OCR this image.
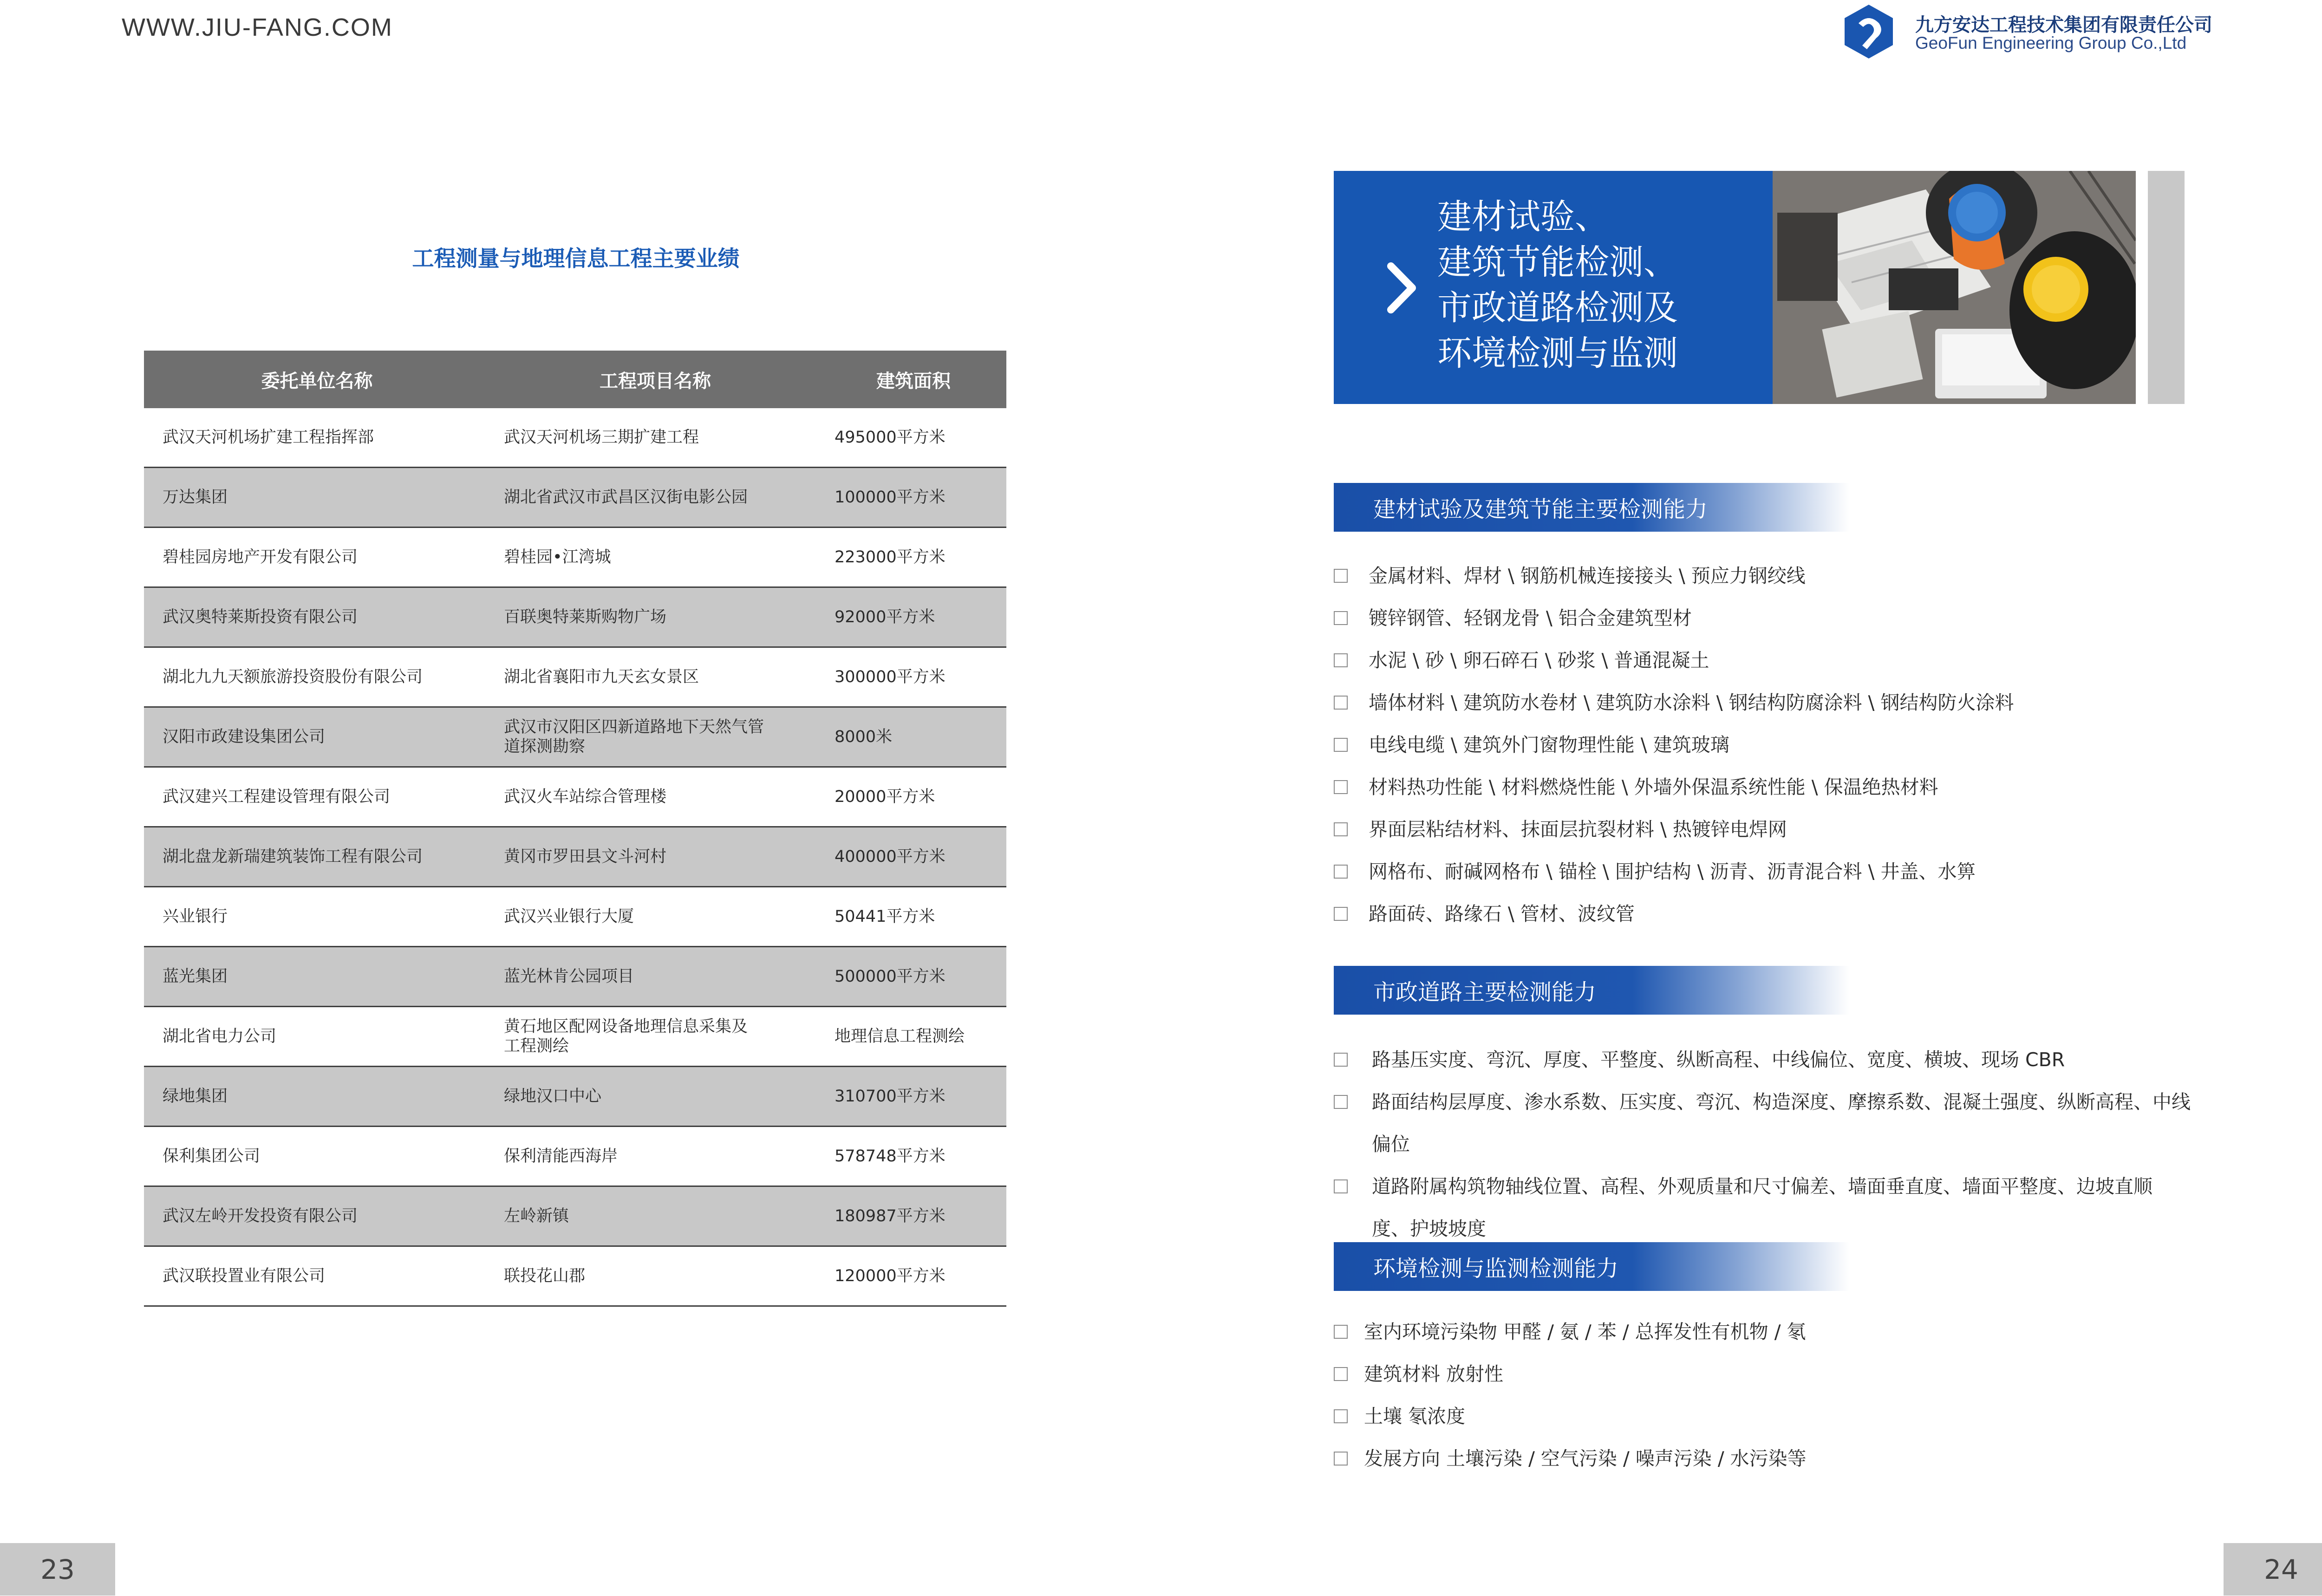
WWW.JIU-FANG.COM	九方安达工程技术集团有限责任公司
GeoFun Engineering Group Co.,Ltd
工程测量与地理信息工程主要业绩
委托单位名称	工程项目名称	建筑面积
武汉天河机场扩建工程指挥部	武汉天河机场三期扩建工程	495000平方米
万达集团	湖北省武汉市武昌区汉街电影公园	100000平方米
碧桂园房地产开发有限公司	碧桂园•江湾城	223000平方米
武汉奥特莱斯投资有限公司	百联奥特莱斯购物广场	92000平方米
湖北九九天额旅游投资股份有限公司	湖北省襄阳市九天玄女景区	300000平方米
汉阳市政建设集团公司	武汉市汉阳区四新道路地下天然气管道探测勘察	8000米
武汉建兴工程建设管理有限公司	武汉火车站综合管理楼	20000平方米
湖北盘龙新瑞建筑装饰工程有限公司	黄冈市罗田县文斗河村	400000平方米
兴业银行	武汉兴业银行大厦	50441平方米
蓝光集团	蓝光林肯公园项目	500000平方米
湖北省电力公司	黄石地区配网设备地理信息采集及工程测绘	地理信息工程测绘
绿地集团	绿地汉口中心	310700平方米
保利集团公司	保利清能西海岸	578748平方米
武汉左岭开发投资有限公司	左岭新镇	180987平方米
武汉联投置业有限公司	联投花山郡	120000平方米
23
建材试验、
建筑节能检测、
市政道路检测及
环境检测与监测
建材试验及建筑节能主要检测能力
金属材料、焊材 \ 钢筋机械连接接头 \ 预应力钢绞线
镀锌钢管、轻钢龙骨 \ 铝合金建筑型材
水泥 \ 砂 \ 卵石碎石 \ 砂浆 \ 普通混凝土
墙体材料 \ 建筑防水卷材 \ 建筑防水涂料 \ 钢结构防腐涂料 \ 钢结构防火涂料
电线电缆 \ 建筑外门窗物理性能 \ 建筑玻璃
材料热功性能 \ 材料燃烧性能 \ 外墙外保温系统性能 \ 保温绝热材料
界面层粘结材料、抹面层抗裂材料 \ 热镀锌电焊网
网格布、耐碱网格布 \ 锚栓 \ 围护结构 \ 沥青、沥青混合料 \ 井盖、水箅
路面砖、路缘石 \ 管材、波纹管
市政道路主要检测能力
路基压实度、弯沉、厚度、平整度、纵断高程、中线偏位、宽度、横坡、现场 CBR
路面结构层厚度、渗水系数、压实度、弯沉、构造深度、摩擦系数、混凝土强度、纵断高程、中线偏位
道路附属构筑物轴线位置、高程、外观质量和尺寸偏差、墙面垂直度、墙面平整度、边坡直顺度、护坡坡度
环境检测与监测检测能力
室内环境污染物 甲醛 / 氨 / 苯 / 总挥发性有机物 / 氡
建筑材料 放射性
土壤 氡浓度
发展方向 土壤污染 / 空气污染 / 噪声污染 / 水污染等
24
